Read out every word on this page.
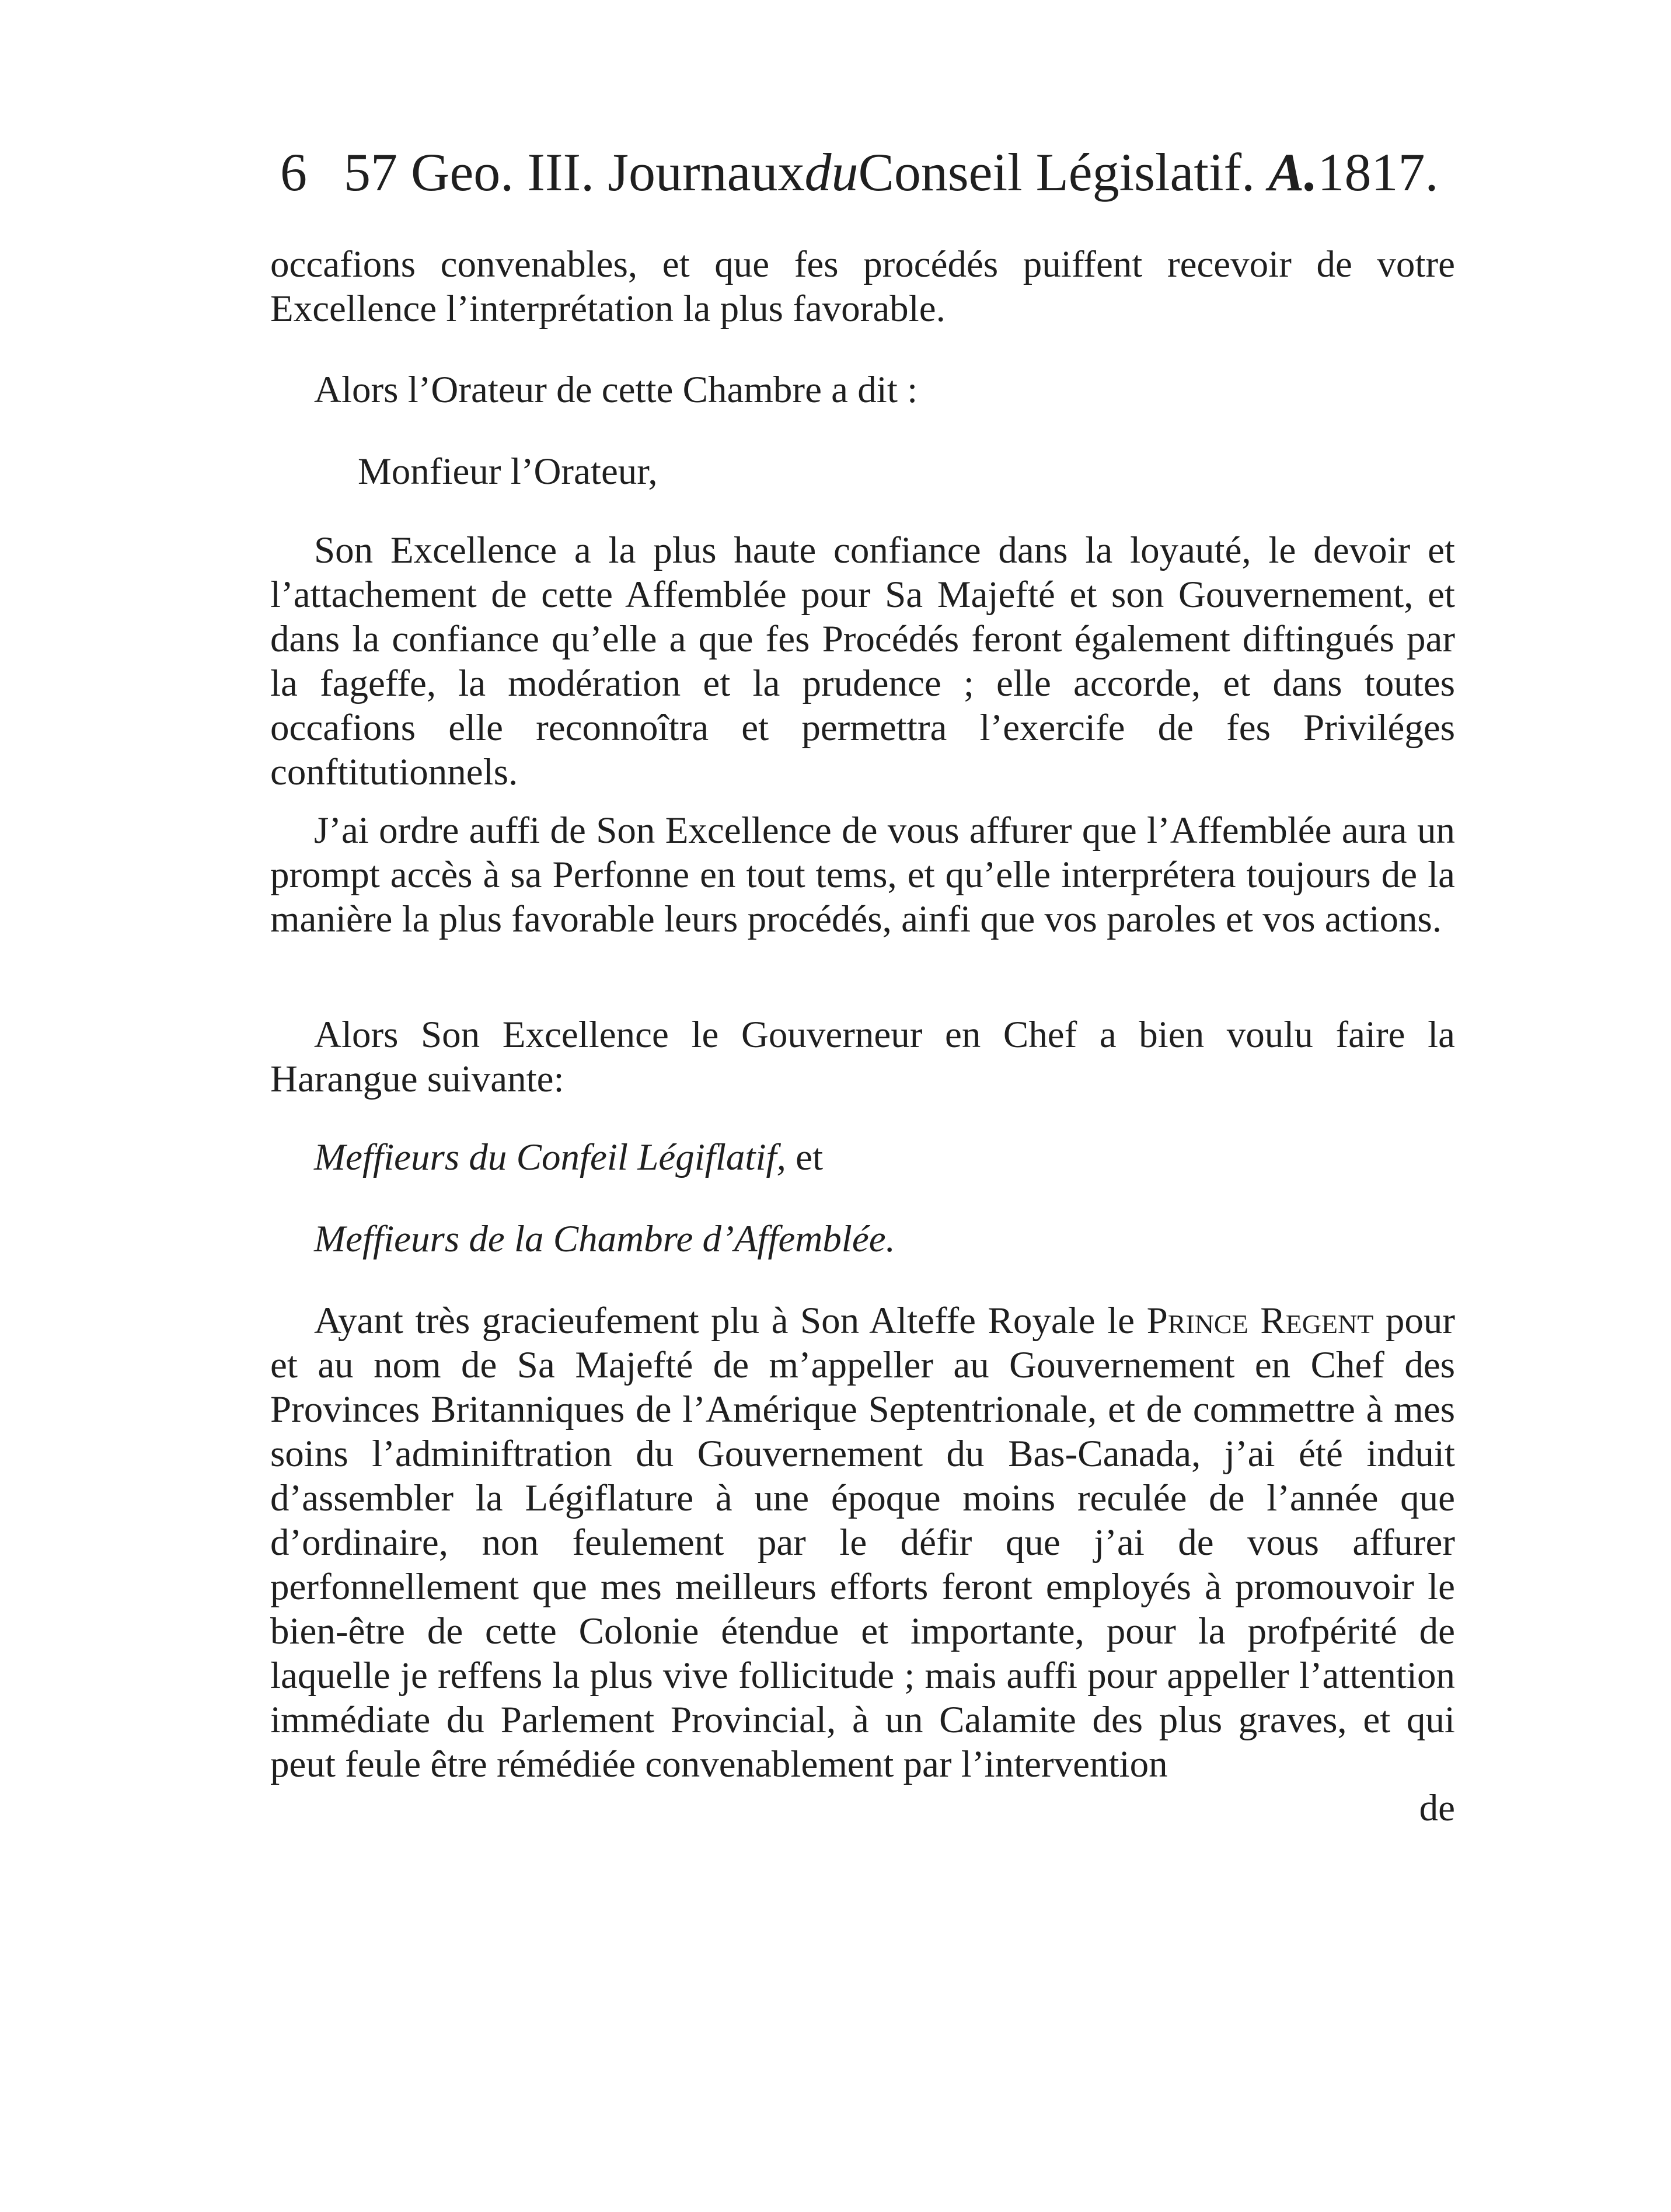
6 57 Geo. III. JournauxduConseil Législatif. A.1817.
occafions convenables, et que fes procédés puiffent recevoir de votre Excellence l’interprétation la plus favorable.
Alors l’Orateur de cette Chambre a dit :
Monfieur l’Orateur,
Son Excellence a la plus haute confiance dans la loyauté, le devoir et l’attachement de cette Affemblée pour Sa Majefté et son Gouvernement, et dans la confiance qu’elle a que fes Procédés feront également diftingués par la fageffe, la modération et la prudence ; elle accorde, et dans toutes occafions elle reconnoîtra et permettra l’exercife de fes Priviléges conftitutionnels.
J’ai ordre auffi de Son Excellence de vous affurer que l’Affemblée aura un prompt accès à sa Perfonne en tout tems, et qu’elle interprétera toujours de la manière la plus favorable leurs procédés, ainfi que vos paroles et vos actions.
Alors Son Excellence le Gouverneur en Chef a bien voulu faire la Harangue suivante:
Meffieurs du Confeil Légiflatif, et
Meffieurs de la Chambre d’Affemblée.
Ayant très gracieufement plu à Son Alteffe Royale le Prince Regent pour et au nom de Sa Majefté de m’appeller au Gouvernement en Chef des Provinces Britanniques de l’Amérique Septentrionale, et de commettre à mes soins l’adminiftration du Gouvernement du Bas-Canada, j’ai été induit d’assembler la Légiflature à une époque moins reculée de l’année que d’ordinaire, non feulement par le défir que j’ai de vous affurer perfonnellement que mes meilleurs efforts feront employés à promouvoir le bien-être de cette Colonie étendue et importante, pour la profpérité de laquelle je reffens la plus vive follicitude ; mais auffi pour appeller l’attention immédiate du Parlement Provincial, à un Calamite des plus graves, et qui peut feule être rémédiée convenablement par l’intervention
de
